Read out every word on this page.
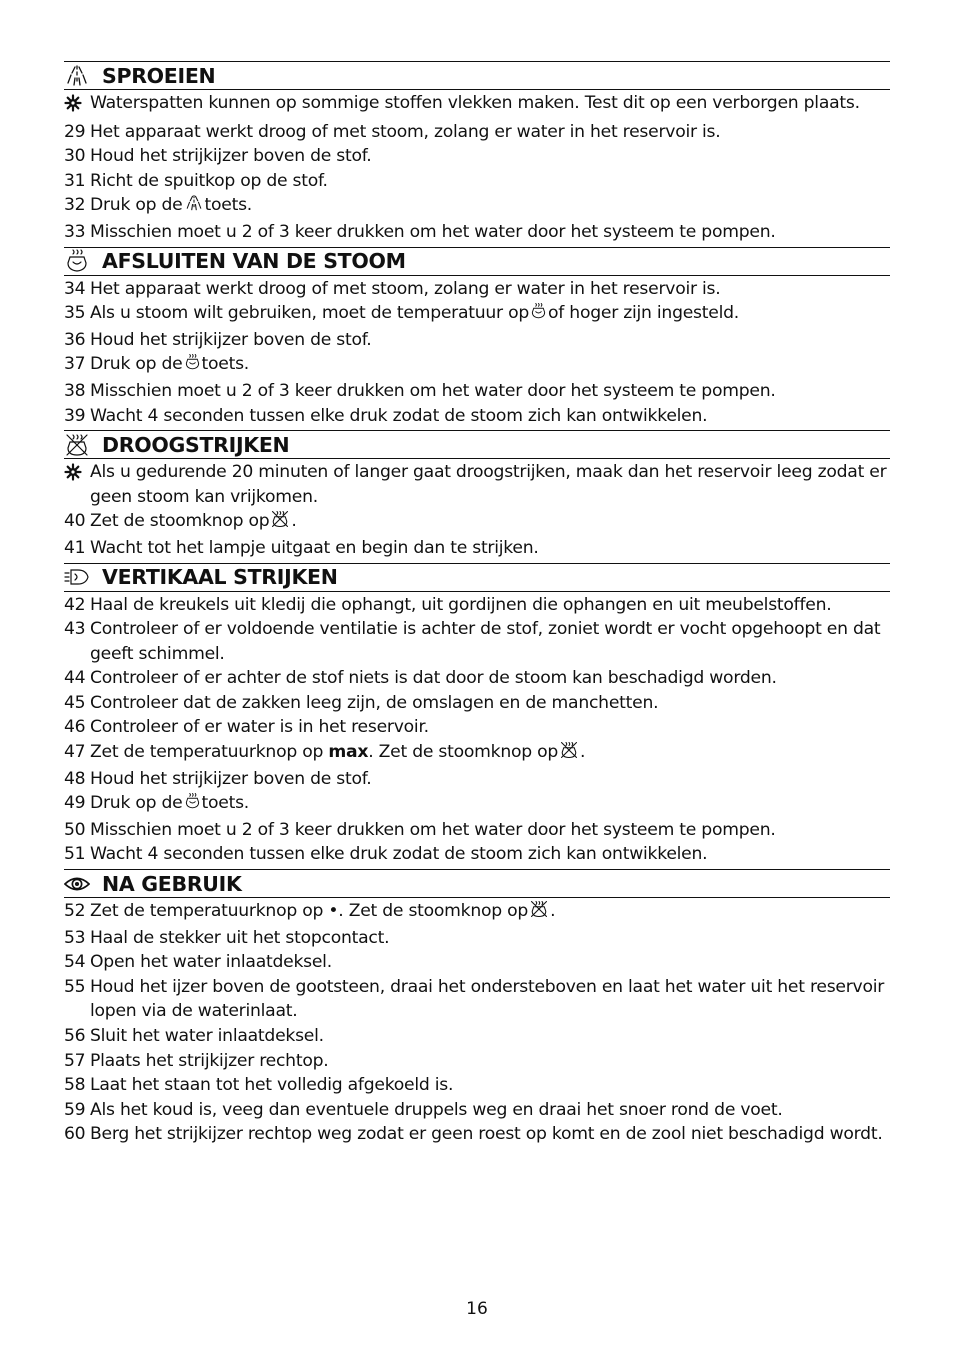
SPROEIEN
Waterspatten kunnen op sommige stoffen vlekken maken. Test dit op een verborgen plaats.
29 Het apparaat werkt droog of met stoom, zolang er water in het reservoir is.
30 Houd het strijkijzer boven de stof.
31 Richt de spuitkop op de stof.
32 Druk op de toets.
33 Misschien moet u 2 of 3 keer drukken om het water door het systeem te pompen.
AFSLUITEN VAN DE STOOM
34 Het apparaat werkt droog of met stoom, zolang er water in het reservoir is.
35 Als u stoom wilt gebruiken, moet de temperatuur op of hoger zijn ingesteld.
36 Houd het strijkijzer boven de stof.
37 Druk op de toets.
38 Misschien moet u 2 of 3 keer drukken om het water door het systeem te pompen.
39 Wacht 4 seconden tussen elke druk zodat de stoom zich kan ontwikkelen.
DROOGSTRIJKEN
Als u gedurende 20 minuten of langer gaat droogstrijken, maak dan het reservoir leeg zodat er geen stoom kan vrijkomen.
40 Zet de stoomknop op .
41 Wacht tot het lampje uitgaat en begin dan te strijken.
VERTIKAAL STRIJKEN
42 Haal de kreukels uit kledij die ophangt, uit gordijnen die ophangen en uit meubelstoffen.
43 Controleer of er voldoende ventilatie is achter de stof, zoniet wordt er vocht opgehoopt en dat geeft schimmel.
44 Controleer of er achter de stof niets is dat door de stoom kan beschadigd worden.
45 Controleer dat de zakken leeg zijn, de omslagen en de manchetten.
46 Controleer of er water is in het reservoir.
47 Zet de temperatuurknop op max. Zet de stoomknop op .
48 Houd het strijkijzer boven de stof.
49 Druk op de toets.
50 Misschien moet u 2 of 3 keer drukken om het water door het systeem te pompen.
51 Wacht 4 seconden tussen elke druk zodat de stoom zich kan ontwikkelen.
NA GEBRUIK
52 Zet de temperatuurknop op •. Zet de stoomknop op .
53 Haal de stekker uit het stopcontact.
54 Open het water inlaatdeksel.
55 Houd het ijzer boven de gootsteen, draai het ondersteboven en laat het water uit het reservoir lopen via de waterinlaat.
56 Sluit het water inlaatdeksel.
57 Plaats het strijkijzer rechtop.
58 Laat het staan tot het volledig afgekoeld is.
59 Als het koud is, veeg dan eventuele druppels weg en draai het snoer rond de voet.
60 Berg het strijkijzer rechtop weg zodat er geen roest op komt en de zool niet beschadigd wordt.
16
